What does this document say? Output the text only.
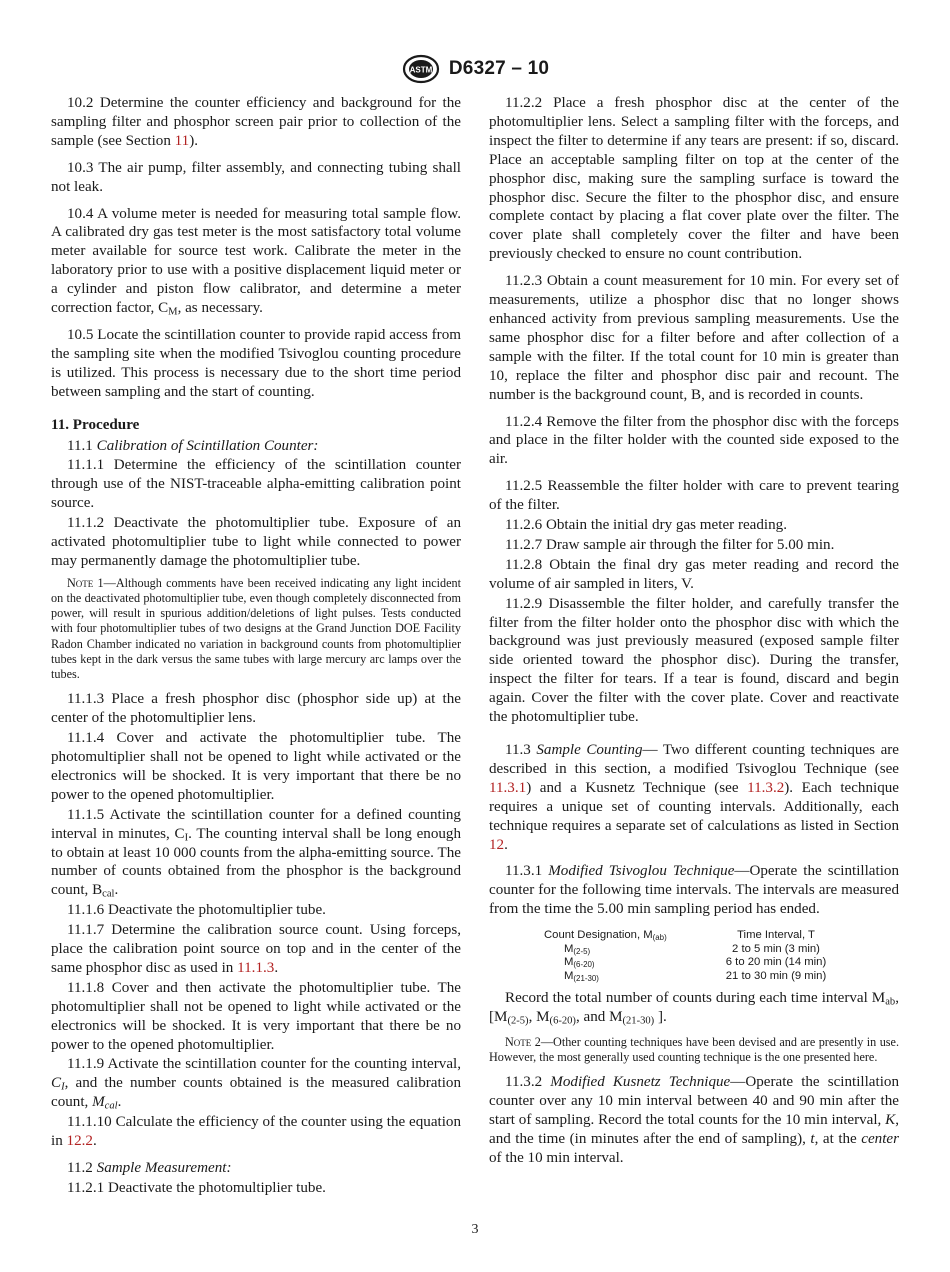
ASTM D6327 – 10

10.2 Determine the counter efficiency and background for the sampling filter and phosphor screen pair prior to collection of the sample (see Section 11).

10.3 The air pump, filter assembly, and connecting tubing shall not leak.

10.4 A volume meter is needed for measuring total sample flow. A calibrated dry gas test meter is the most satisfactory total volume meter available for source test work. Calibrate the meter in the laboratory prior to use with a positive displacement liquid meter or a cylinder and piston flow calibrator, and determine a meter correction factor, $C_M$, as necessary.

10.5 Locate the scintillation counter to provide rapid access from the sampling site when the modified Tsivoglou counting procedure is utilized. This process is necessary due to the short time period between sampling and the start of counting.

11. Procedure

11.1 Calibration of Scintillation Counter:

11.1.1 Determine the efficiency of the scintillation counter through use of the NIST-traceable alpha-emitting calibration point source.

11.1.2 Deactivate the photomultiplier tube. Exposure of an activated photomultiplier tube to light while connected to power may permanently damage the photomultiplier tube.

Note 1—Although comments have been received indicating any light incident on the deactivated photomultiplier tube, even though completely disconnected from power, will result in spurious addition/deletions of light pulses. Tests conducted with four photomultiplier tubes of two designs at the Grand Junction DOE Facility Radon Chamber indicated no variation in background counts from photomultiplier tubes kept in the dark versus the same tubes with large mercury arc lamps over the tubes.

11.1.3 Place a fresh phosphor disc (phosphor side up) at the center of the photomultiplier lens.

11.1.4 Cover and activate the photomultiplier tube. The photomultiplier shall not be opened to light while activated or the electronics will be shocked. It is very important that there be no power to the opened photomultiplier.

11.1.5 Activate the scintillation counter for a defined counting interval in minutes, $C_I$. The counting interval shall be long enough to obtain at least 10 000 counts from the alpha-emitting source. The number of counts obtained from the phosphor is the background count, $B_{cal}$.

11.1.6 Deactivate the photomultiplier tube.

11.1.7 Determine the calibration source count. Using forceps, place the calibration point source on top and in the center of the same phosphor disc as used in 11.1.3.

11.1.8 Cover and then activate the photomultiplier tube. The photomultiplier shall not be opened to light while activated or the electronics will be shocked. It is very important that there be no power to the opened photomultiplier.

11.1.9 Activate the scintillation counter for the counting interval, $C_I$, and the number counts obtained is the measured calibration count, $M_{cal}$.

11.1.10 Calculate the efficiency of the counter using the equation in 12.2.

11.2 Sample Measurement:

11.2.1 Deactivate the photomultiplier tube.

11.2.2 Place a fresh phosphor disc at the center of the photomultiplier lens. Select a sampling filter with the forceps, and inspect the filter to determine if any tears are present: if so, discard. Place an acceptable sampling filter on top at the center of the phosphor disc, making sure the sampling surface is toward the phosphor disc. Secure the filter to the phosphor disc, and ensure complete contact by placing a flat cover plate over the filter. The cover plate shall completely cover the filter and have been previously checked to ensure no count contribution.

11.2.3 Obtain a count measurement for 10 min. For every set of measurements, utilize a phosphor disc that no longer shows enhanced activity from previous sampling measurements. Use the same phosphor disc for a filter before and after collection of a sample with the filter. If the total count for 10 min is greater than 10, replace the filter and phosphor disc pair and recount. The number is the background count, B, and is recorded in counts.

11.2.4 Remove the filter from the phosphor disc with the forceps and place in the filter holder with the counted side exposed to the air.

11.2.5 Reassemble the filter holder with care to prevent tearing of the filter.

11.2.6 Obtain the initial dry gas meter reading.

11.2.7 Draw sample air through the filter for 5.00 min.

11.2.8 Obtain the final dry gas meter reading and record the volume of air sampled in liters, V.

11.2.9 Disassemble the filter holder, and carefully transfer the filter from the filter holder onto the phosphor disc with which the background was just previously measured (exposed sample filter side oriented toward the phosphor disc). During the transfer, inspect the filter for tears. If a tear is found, discard and begin again. Cover the filter with the cover plate. Cover and reactivate the photomultiplier tube.

11.3 Sample Counting— Two different counting techniques are described in this section, a modified Tsivoglou Technique (see 11.3.1) and a Kusnetz Technique (see 11.3.2). Each technique requires a unique set of counting intervals. Additionally, each technique requires a separate set of calculations as listed in Section 12.

11.3.1 Modified Tsivoglou Technique—Operate the scintillation counter for the following time intervals. The intervals are measured from the time the 5.00 min sampling period has ended.

Count Designation, $M_{(ab)}$	Time Interval, T
$M_{(2-5)}$	2 to 5 min (3 min)
$M_{(6-20)}$	6 to 20 min (14 min)
$M_{(21-30)}$	21 to 30 min (9 min)

Record the total number of counts during each time interval $M_{ab}$, [$M_{(2-5)}$, $M_{(6-20)}$, and $M_{(21-30)}$ ].

Note 2—Other counting techniques have been devised and are presently in use. However, the most generally used counting technique is the one presented here.

11.3.2 Modified Kusnetz Technique—Operate the scintillation counter over any 10 min interval between 40 and 90 min after the start of sampling. Record the total counts for the 10 min interval, K, and the time (in minutes after the end of sampling), t, at the center of the 10 min interval.

3
